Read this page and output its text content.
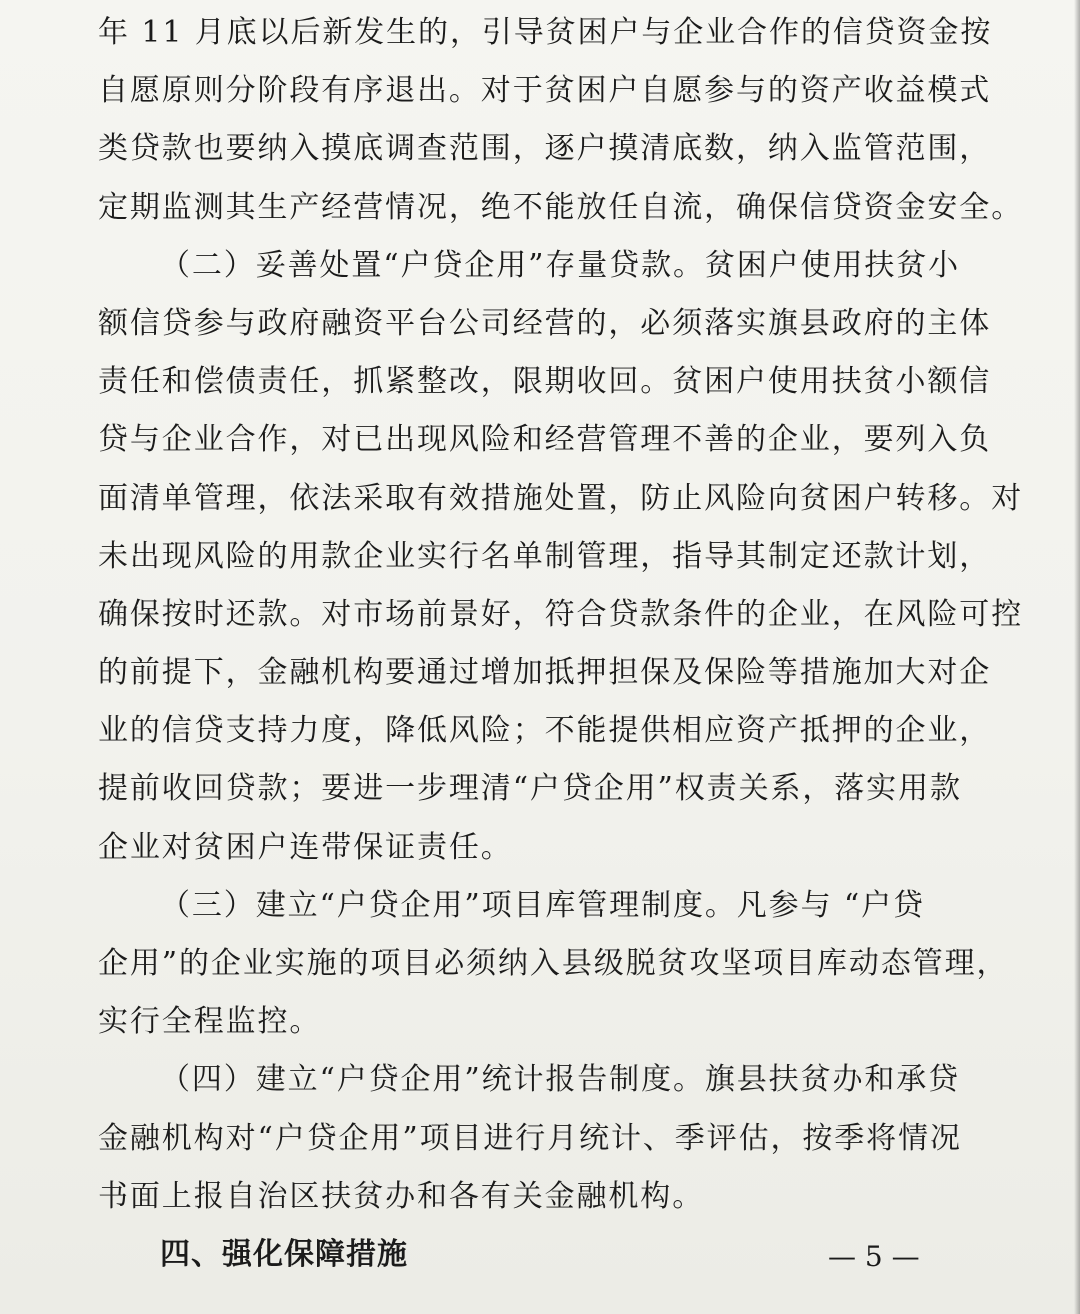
年 11 月底以后新发生的，引导贫困户与企业合作的信贷资金按
自愿原则分阶段有序退出。对于贫困户自愿参与的资产收益模式
类贷款也要纳入摸底调查范围，逐户摸清底数，纳入监管范围，
定期监测其生产经营情况，绝不能放任自流，确保信贷资金安全。
（二）妥善处置“户贷企用”存量贷款。贫困户使用扶贫小
额信贷参与政府融资平台公司经营的，必须落实旗县政府的主体
责任和偿债责任，抓紧整改，限期收回。贫困户使用扶贫小额信
贷与企业合作，对已出现风险和经营管理不善的企业，要列入负
面清单管理，依法采取有效措施处置，防止风险向贫困户转移。对
未出现风险的用款企业实行名单制管理，指导其制定还款计划，
确保按时还款。对市场前景好，符合贷款条件的企业，在风险可控
的前提下，金融机构要通过增加抵押担保及保险等措施加大对企
业的信贷支持力度，降低风险；不能提供相应资产抵押的企业，
提前收回贷款；要进一步理清“户贷企用”权责关系，落实用款
企业对贫困户连带保证责任。
（三）建立“户贷企用”项目库管理制度。凡参与 “户贷
企用”的企业实施的项目必须纳入县级脱贫攻坚项目库动态管理，
实行全程监控。
（四）建立“户贷企用”统计报告制度。旗县扶贫办和承贷
金融机构对“户贷企用”项目进行月统计、季评估，按季将情况
书面上报自治区扶贫办和各有关金融机构。
四、强化保障措施	— 5 —
